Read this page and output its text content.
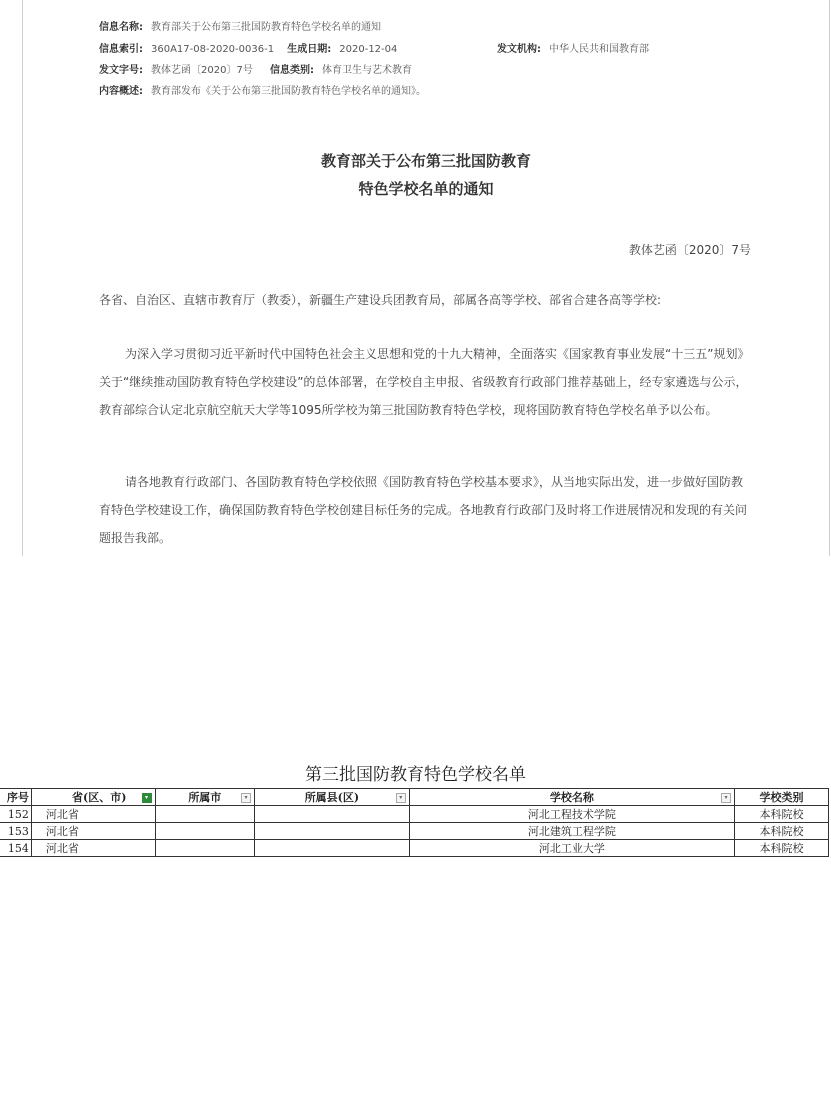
信息名称: 教育部关于公布第三批国防教育特色学校名单的通知
信息索引: 360A17-08-2020-0036-1 生成日期: 2020-12-04	发文机构: 中华人民共和国教育部
发文字号: 教体艺函〔2020〕7号 信息类别: 体育卫生与艺术教育
内容概述: 教育部发布《关于公布第三批国防教育特色学校名单的通知》。
教育部关于公布第三批国防教育
特色学校名单的通知
教体艺函〔2020〕7号
各省、自治区、直辖市教育厅（教委），新疆生产建设兵团教育局，部属各高等学校、部省合建各高等学校:
为深入学习贯彻习近平新时代中国特色社会主义思想和党的十九大精神，全面落实《国家教育事业发展“十三五”规划》关于“继续推动国防教育特色学校建设”的总体部署，在学校自主申报、省级教育行政部门推荐基础上，经专家遴选与公示，教育部综合认定北京航空航天大学等1095所学校为第三批国防教育特色学校，现将国防教育特色学校名单予以公布。
请各地教育行政部门、各国防教育特色学校依照《国防教育特色学校基本要求》，从当地实际出发，进一步做好国防教育特色学校建设工作，确保国防教育特色学校创建目标任务的完成。各地教育行政部门及时将工作进展情况和发现的有关问题报告我部。
第三批国防教育特色学校名单
序号	省(区、市) ▾	所属市 ▾	所属县(区) ▾	学校名称 ▾	学校类别
152	河北省			河北工程技术学院	本科院校
153	河北省			河北建筑工程学院	本科院校
154	河北省			河北工业大学	本科院校
